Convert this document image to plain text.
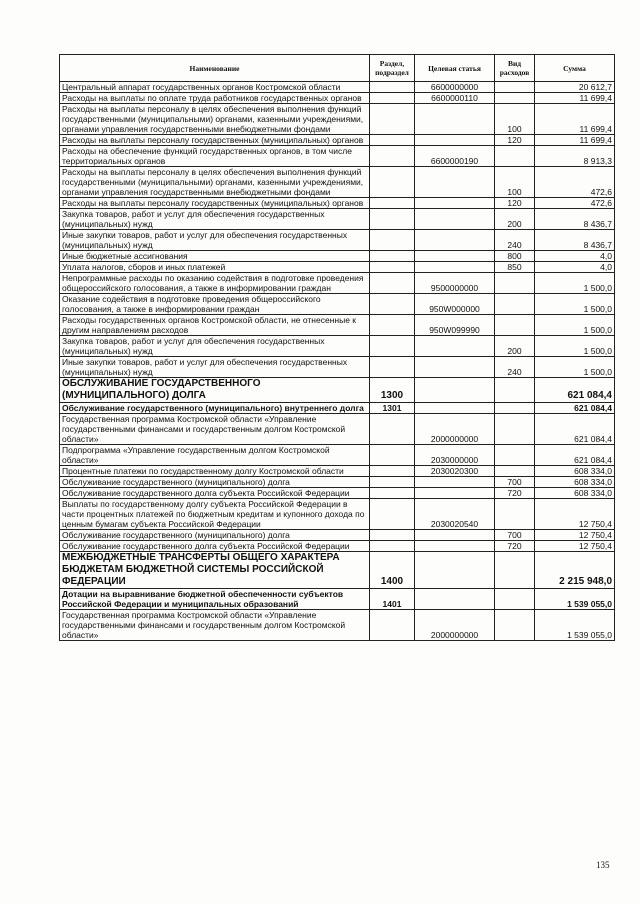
Наименование	Раздел, подраздел	Целевая статья	Вид расходов	Сумма
Центральный аппарат государственных органов Костромской области		6600000000		20 612,7
Расходы на выплаты по оплате труда работников государственных органов		6600000110		11 699,4
Расходы на выплаты персоналу в целях обеспечения выполнения функций государственными (муниципальными) органами, казенными учреждениями, органами управления государственными внебюджетными фондами			100	11 699,4
Расходы на выплаты персоналу государственных (муниципальных) органов			120	11 699,4
Расходы на обеспечение функций государственных органов, в том числе территориальных органов		6600000190		8 913,3
Расходы на выплаты персоналу в целях обеспечения выполнения функций государственными (муниципальными) органами, казенными учреждениями, органами управления государственными внебюджетными фондами			100	472,6
Расходы на выплаты персоналу государственных (муниципальных) органов			120	472,6
Закупка товаров, работ и услуг для обеспечения государственных (муниципальных) нужд			200	8 436,7
Иные закупки товаров, работ и услуг для обеспечения государственных (муниципальных) нужд			240	8 436,7
Иные бюджетные ассигнования			800	4,0
Уплата налогов, сборов и иных платежей			850	4,0
Непрограммные расходы по оказанию содействия в подготовке проведения общероссийского голосования, а также в информировании граждан		9500000000		1 500,0
Оказание содействия в подготовке проведения общероссийского голосования, а также в информировании граждан		950W000000		1 500,0
Расходы государственных органов Костромской области, не отнесенные к другим направлениям расходов		950W099990		1 500,0
Закупка товаров, работ и услуг для обеспечения государственных (муниципальных) нужд			200	1 500,0
Иные закупки товаров, работ и услуг для обеспечения государственных (муниципальных) нужд			240	1 500,0
ОБСЛУЖИВАНИЕ ГОСУДАРСТВЕННОГО (МУНИЦИПАЛЬНОГО) ДОЛГА	1300			621 084,4
Обслуживание государственного (муниципального) внутреннего долга	1301			621 084,4
Государственная программа Костромской области «Управление государственными финансами и государственным долгом Костромской области»		2000000000		621 084,4
Подпрограмма «Управление государственным долгом Костромской области»		2030000000		621 084,4
Процентные платежи по государственному долгу Костромской области		2030020300		608 334,0
Обслуживание государственного (муниципального) долга			700	608 334,0
Обслуживание государственного долга субъекта Российской Федерации			720	608 334,0
Выплаты по государственному долгу субъекта Российской Федерации в части процентных платежей по бюджетным кредитам и купонного дохода по ценным бумагам субъекта Российской Федерации		2030020540		12 750,4
Обслуживание государственного (муниципального) долга			700	12 750,4
Обслуживание государственного долга субъекта Российской Федерации			720	12 750,4
МЕЖБЮДЖЕТНЫЕ ТРАНСФЕРТЫ ОБЩЕГО ХАРАКТЕРА БЮДЖЕТАМ БЮДЖЕТНОЙ СИСТЕМЫ РОССИЙСКОЙ ФЕДЕРАЦИИ	1400			2 215 948,0
Дотации на выравнивание бюджетной обеспеченности субъектов Российской Федерации и муниципальных образований	1401			1 539 055,0
Государственная программа Костромской области «Управление государственными финансами и государственным долгом Костромской области»		2000000000		1 539 055,0
135
